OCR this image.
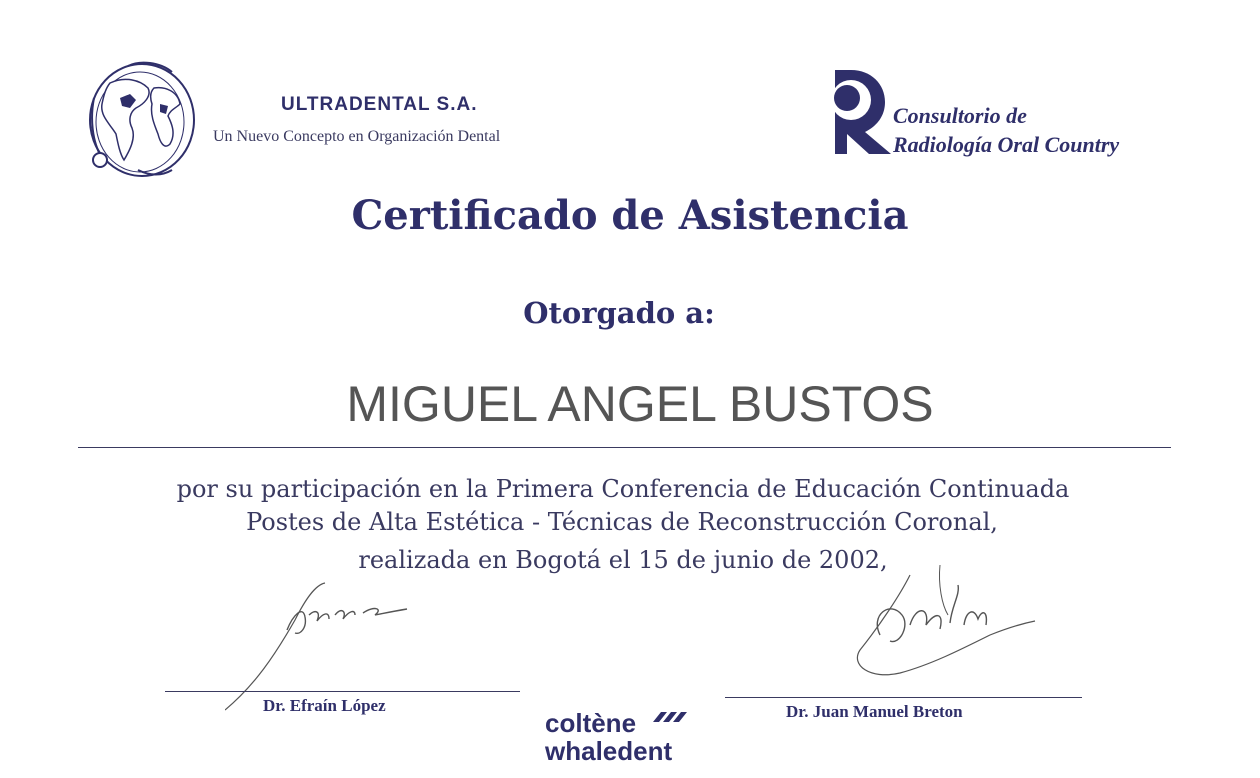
ULTRADENTAL S.A.
Un Nuevo Concepto en Organización Dental
Consultorio de
Radiología Oral Country
Certificado de Asistencia
Otorgado a:
MIGUEL ANGEL BUSTOS
por su participación en la Primera Conferencia de Educación Continuada
Postes de Alta Estética - Técnicas de Reconstrucción Coronal,
realizada en Bogotá el 15 de junio de 2002,
Dr. Efraín López	Dr. Juan Manuel Breton
coltène
whaledent
